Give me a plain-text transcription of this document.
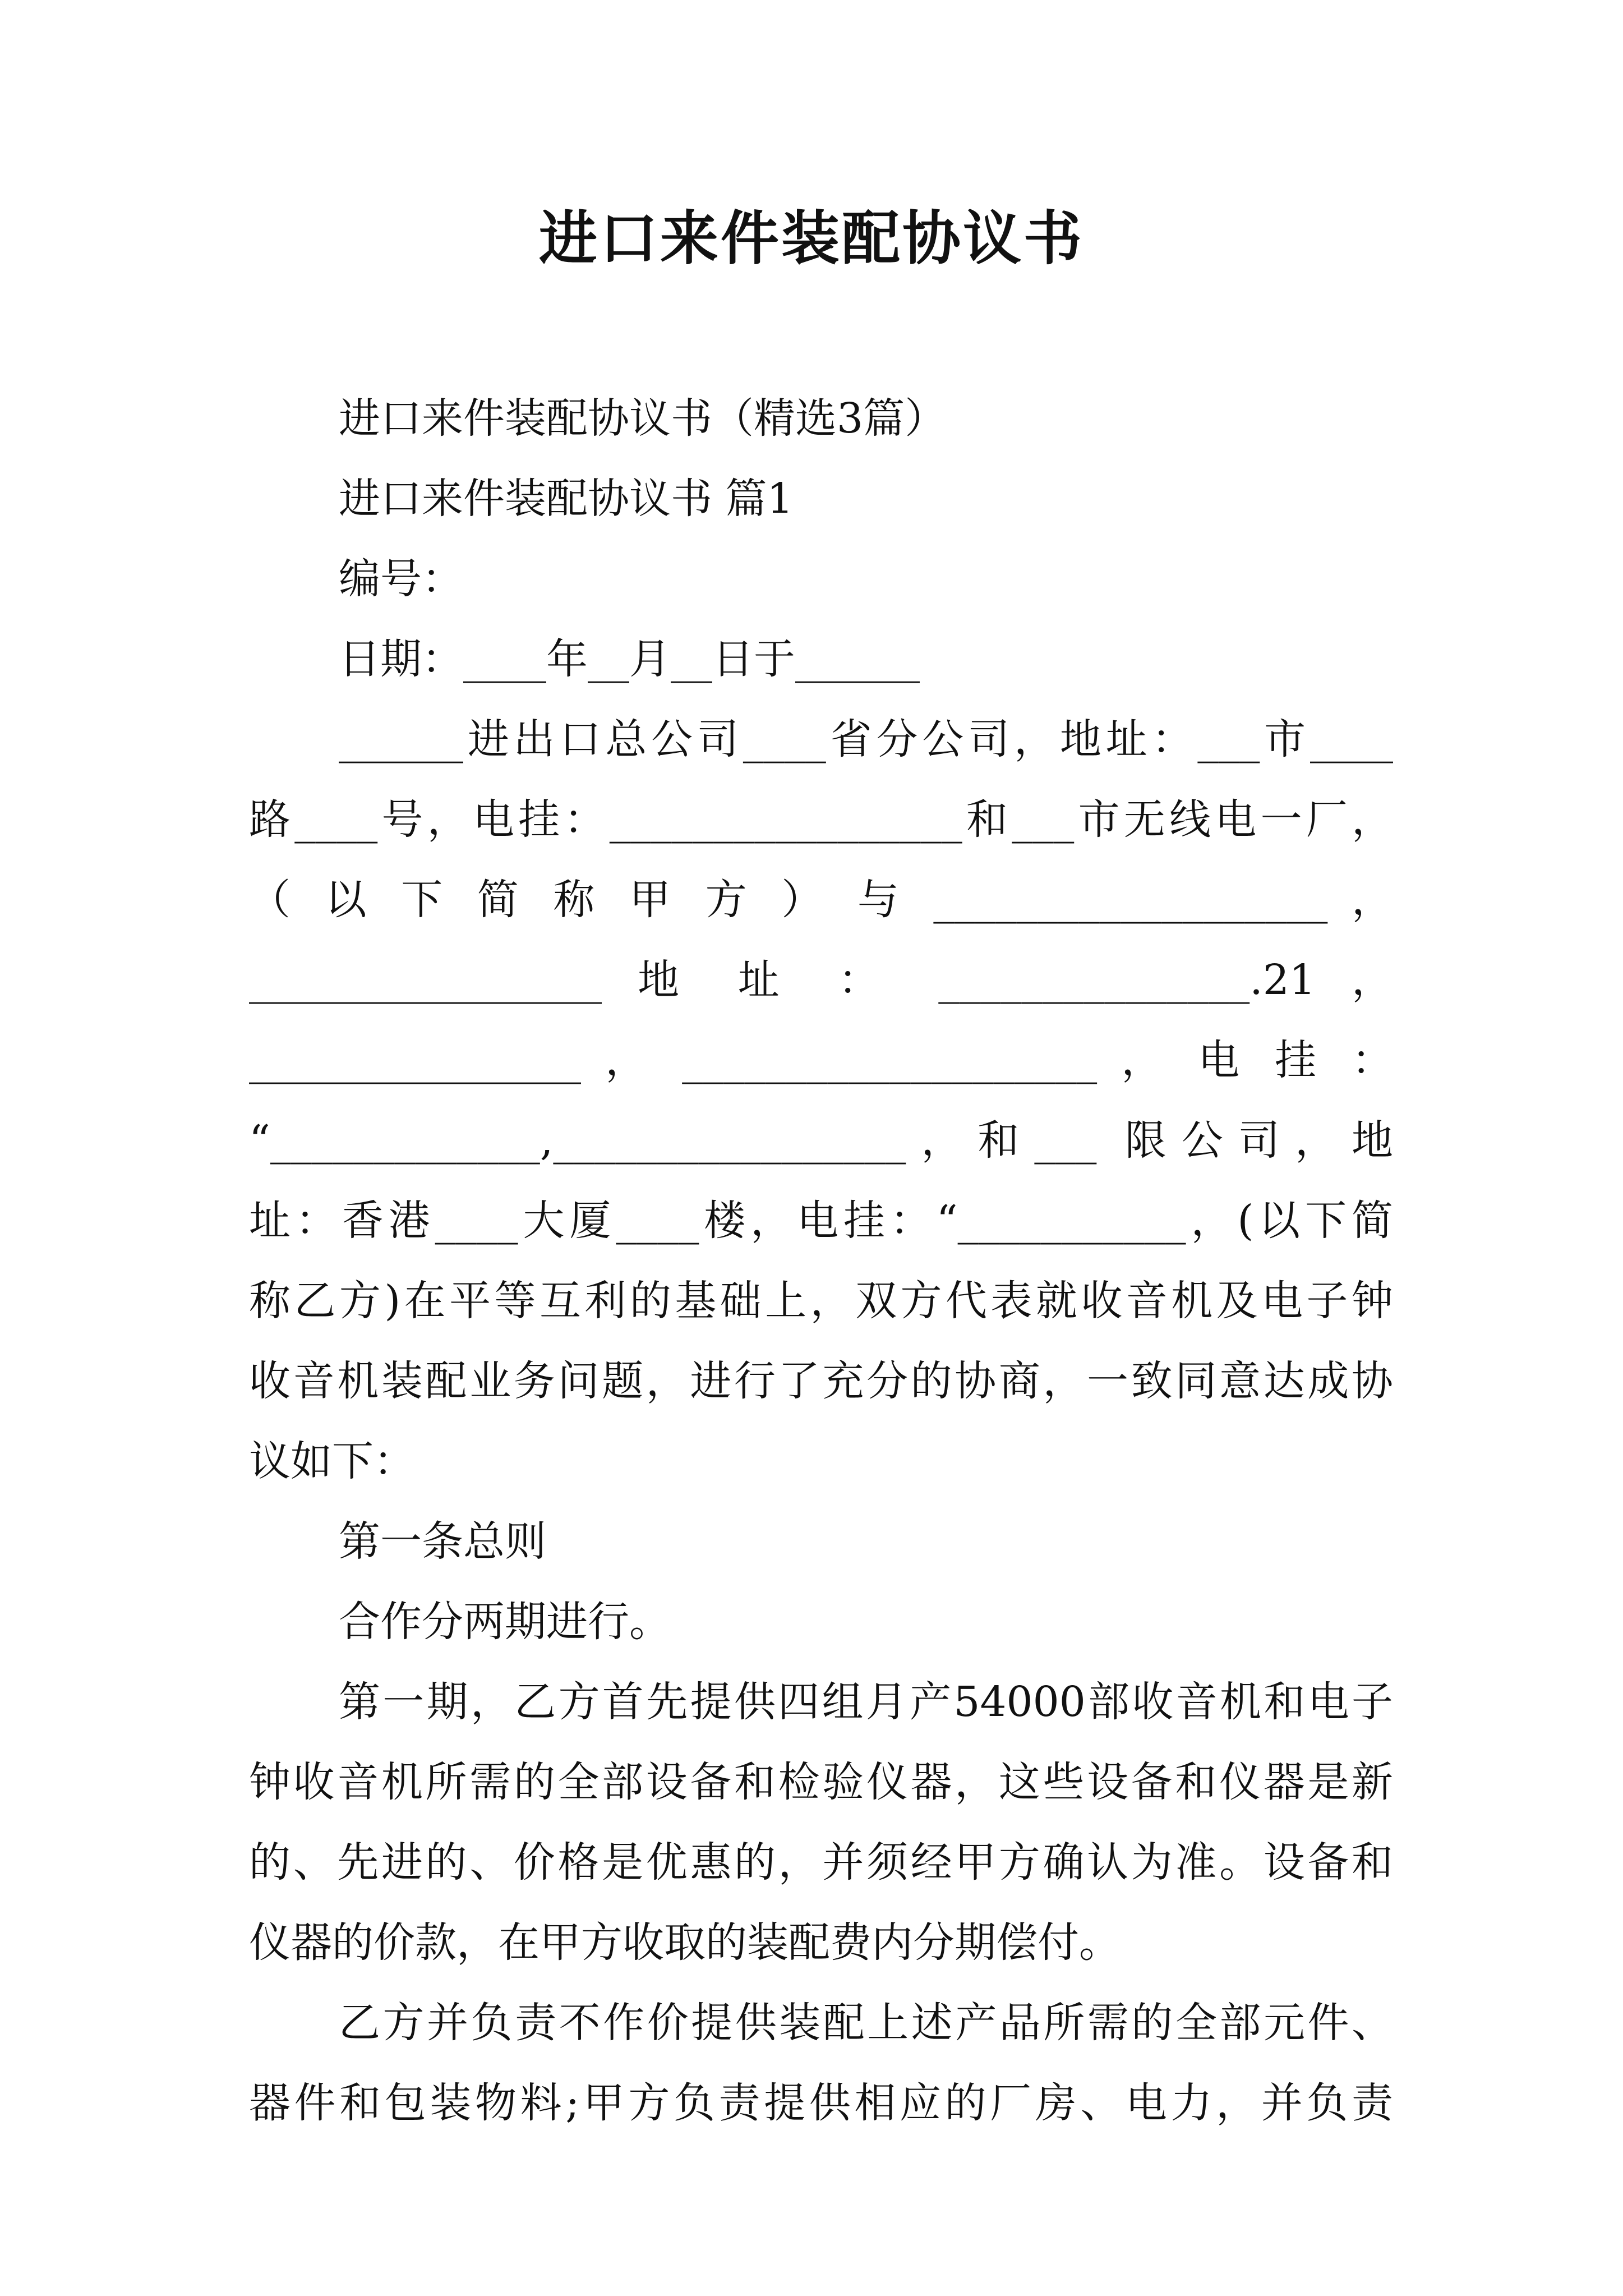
进口来件装配协议书
进口来件装配协议书（精选3篇）
进口来件装配协议书 篇1
编号：
日期：____年__月__日于______
______进出口总公司____省分公司，地址：___市____
路____号，电挂：_________________和___市无线电一厂，
（ 以 下 简 称 甲 方 ） 与 ___________________ ，
_________________ 地 址 ： _______________.21 ，
________________ ， ____________________ ， 电 挂 ：
“_____________,_________________，和___ 限公司，地
址：香港____大厦____楼，电挂：“___________，(以下简
称乙方)在平等互利的基础上，双方代表就收音机及电子钟
收音机装配业务问题，进行了充分的协商，一致同意达成协
议如下：
第一条总则
合作分两期进行。
第一期，乙方首先提供四组月产54000部收音机和电子
钟收音机所需的全部设备和检验仪器，这些设备和仪器是新
的、先进的、价格是优惠的，并须经甲方确认为准。设备和
仪器的价款，在甲方收取的装配费内分期偿付。
乙方并负责不作价提供装配上述产品所需的全部元件、
器件和包装物料;甲方负责提供相应的厂房、电力，并负责
